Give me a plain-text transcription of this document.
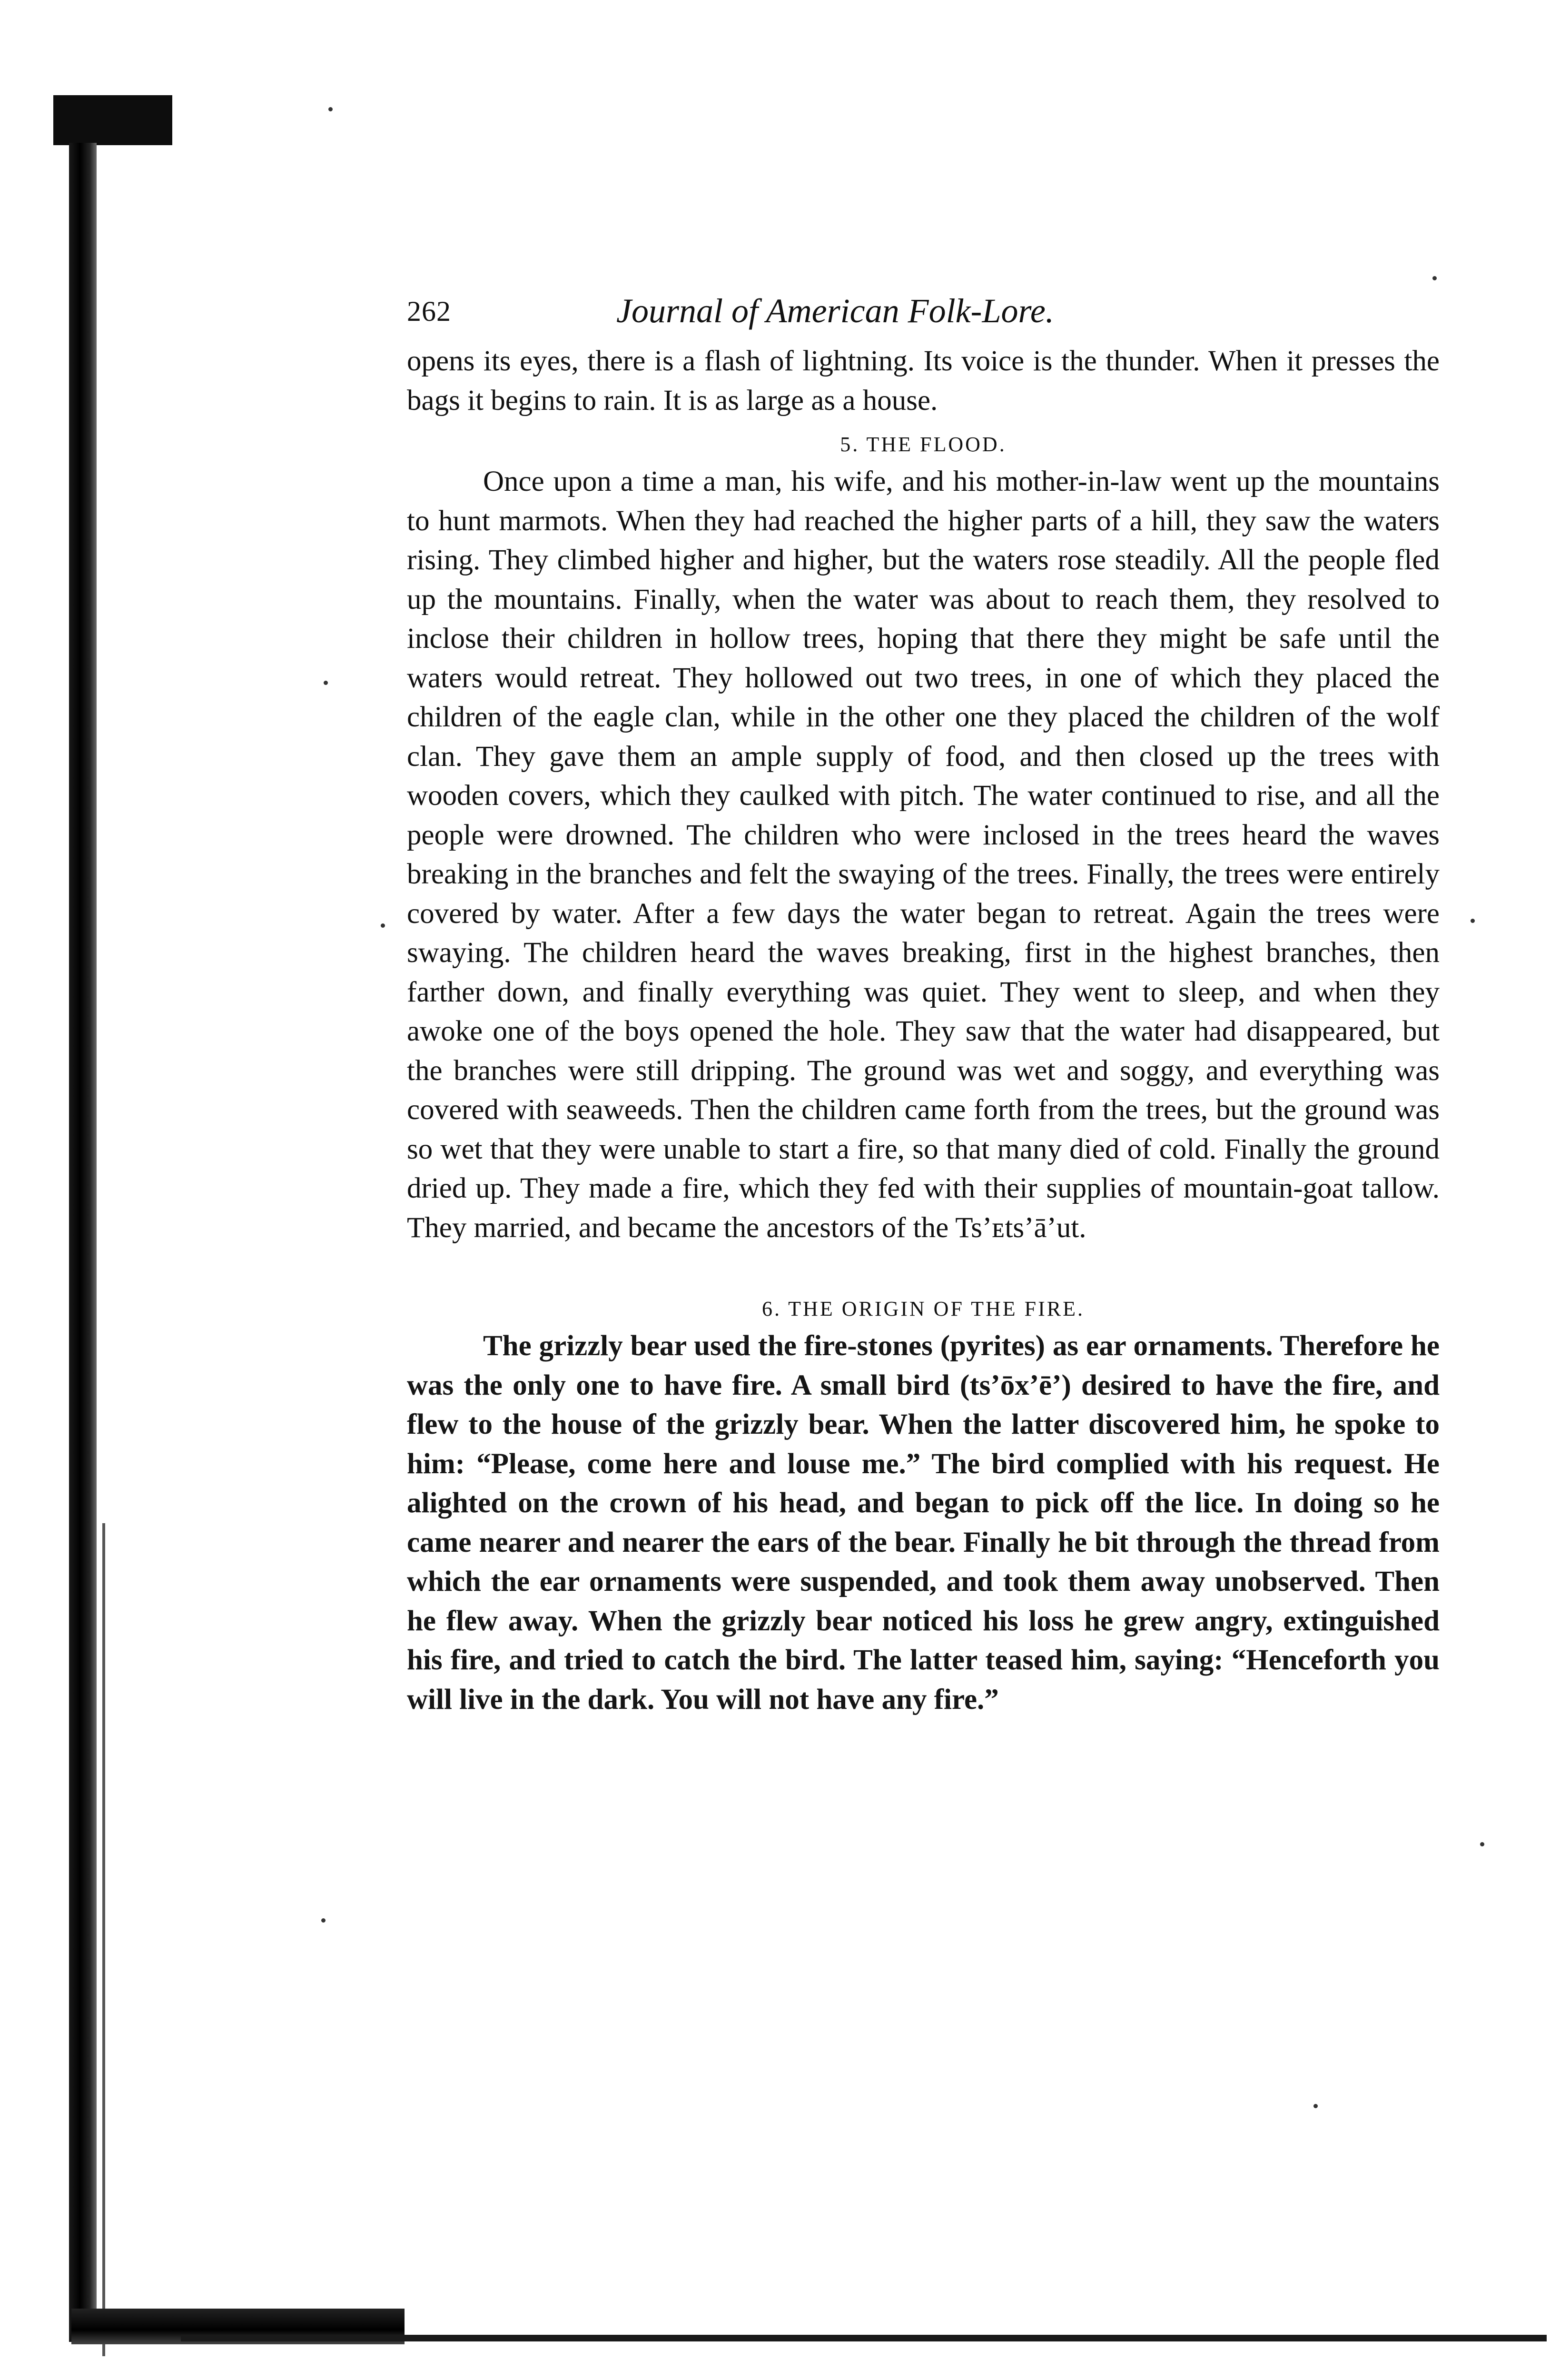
262	Journal of American Folk-Lore.

opens its eyes, there is a flash of lightning. Its voice is the thunder. When it presses the bags it begins to rain. It is as large as a house.

5. THE FLOOD.

Once upon a time a man, his wife, and his mother-in-law went up the mountains to hunt marmots. When they had reached the higher parts of a hill, they saw the waters rising. They climbed higher and higher, but the waters rose steadily. All the people fled up the mountains. Finally, when the water was about to reach them, they resolved to inclose their children in hollow trees, hoping that there they might be safe until the waters would retreat. They hollowed out two trees, in one of which they placed the children of the eagle clan, while in the other one they placed the children of the wolf clan. They gave them an ample supply of food, and then closed up the trees with wooden covers, which they caulked with pitch. The water continued to rise, and all the people were drowned. The children who were inclosed in the trees heard the waves breaking in the branches and felt the swaying of the trees. Finally, the trees were entirely covered by water. After a few days the water began to retreat. Again the trees were swaying. The children heard the waves breaking, first in the highest branches, then farther down, and finally everything was quiet. They went to sleep, and when they awoke one of the boys opened the hole. They saw that the water had disappeared, but the branches were still dripping. The ground was wet and soggy, and everything was covered with seaweeds. Then the children came forth from the trees, but the ground was so wet that they were unable to start a fire, so that many died of cold. Finally the ground dried up. They made a fire, which they fed with their supplies of mountain-goat tallow. They married, and became the ancestors of the Ts’ᴇts’ā’ut.

6. THE ORIGIN OF THE FIRE.

The grizzly bear used the fire-stones (pyrites) as ear ornaments. Therefore he was the only one to have fire. A small bird (ts’ōx’ē’) desired to have the fire, and flew to the house of the grizzly bear. When the latter discovered him, he spoke to him: “Please, come here and louse me.” The bird complied with his request. He alighted on the crown of his head, and began to pick off the lice. In doing so he came nearer and nearer the ears of the bear. Finally he bit through the thread from which the ear ornaments were suspended, and took them away unobserved. Then he flew away. When the grizzly bear noticed his loss he grew angry, extinguished his fire, and tried to catch the bird. The latter teased him, saying: “Henceforth you will live in the dark. You will not have any fire.”
